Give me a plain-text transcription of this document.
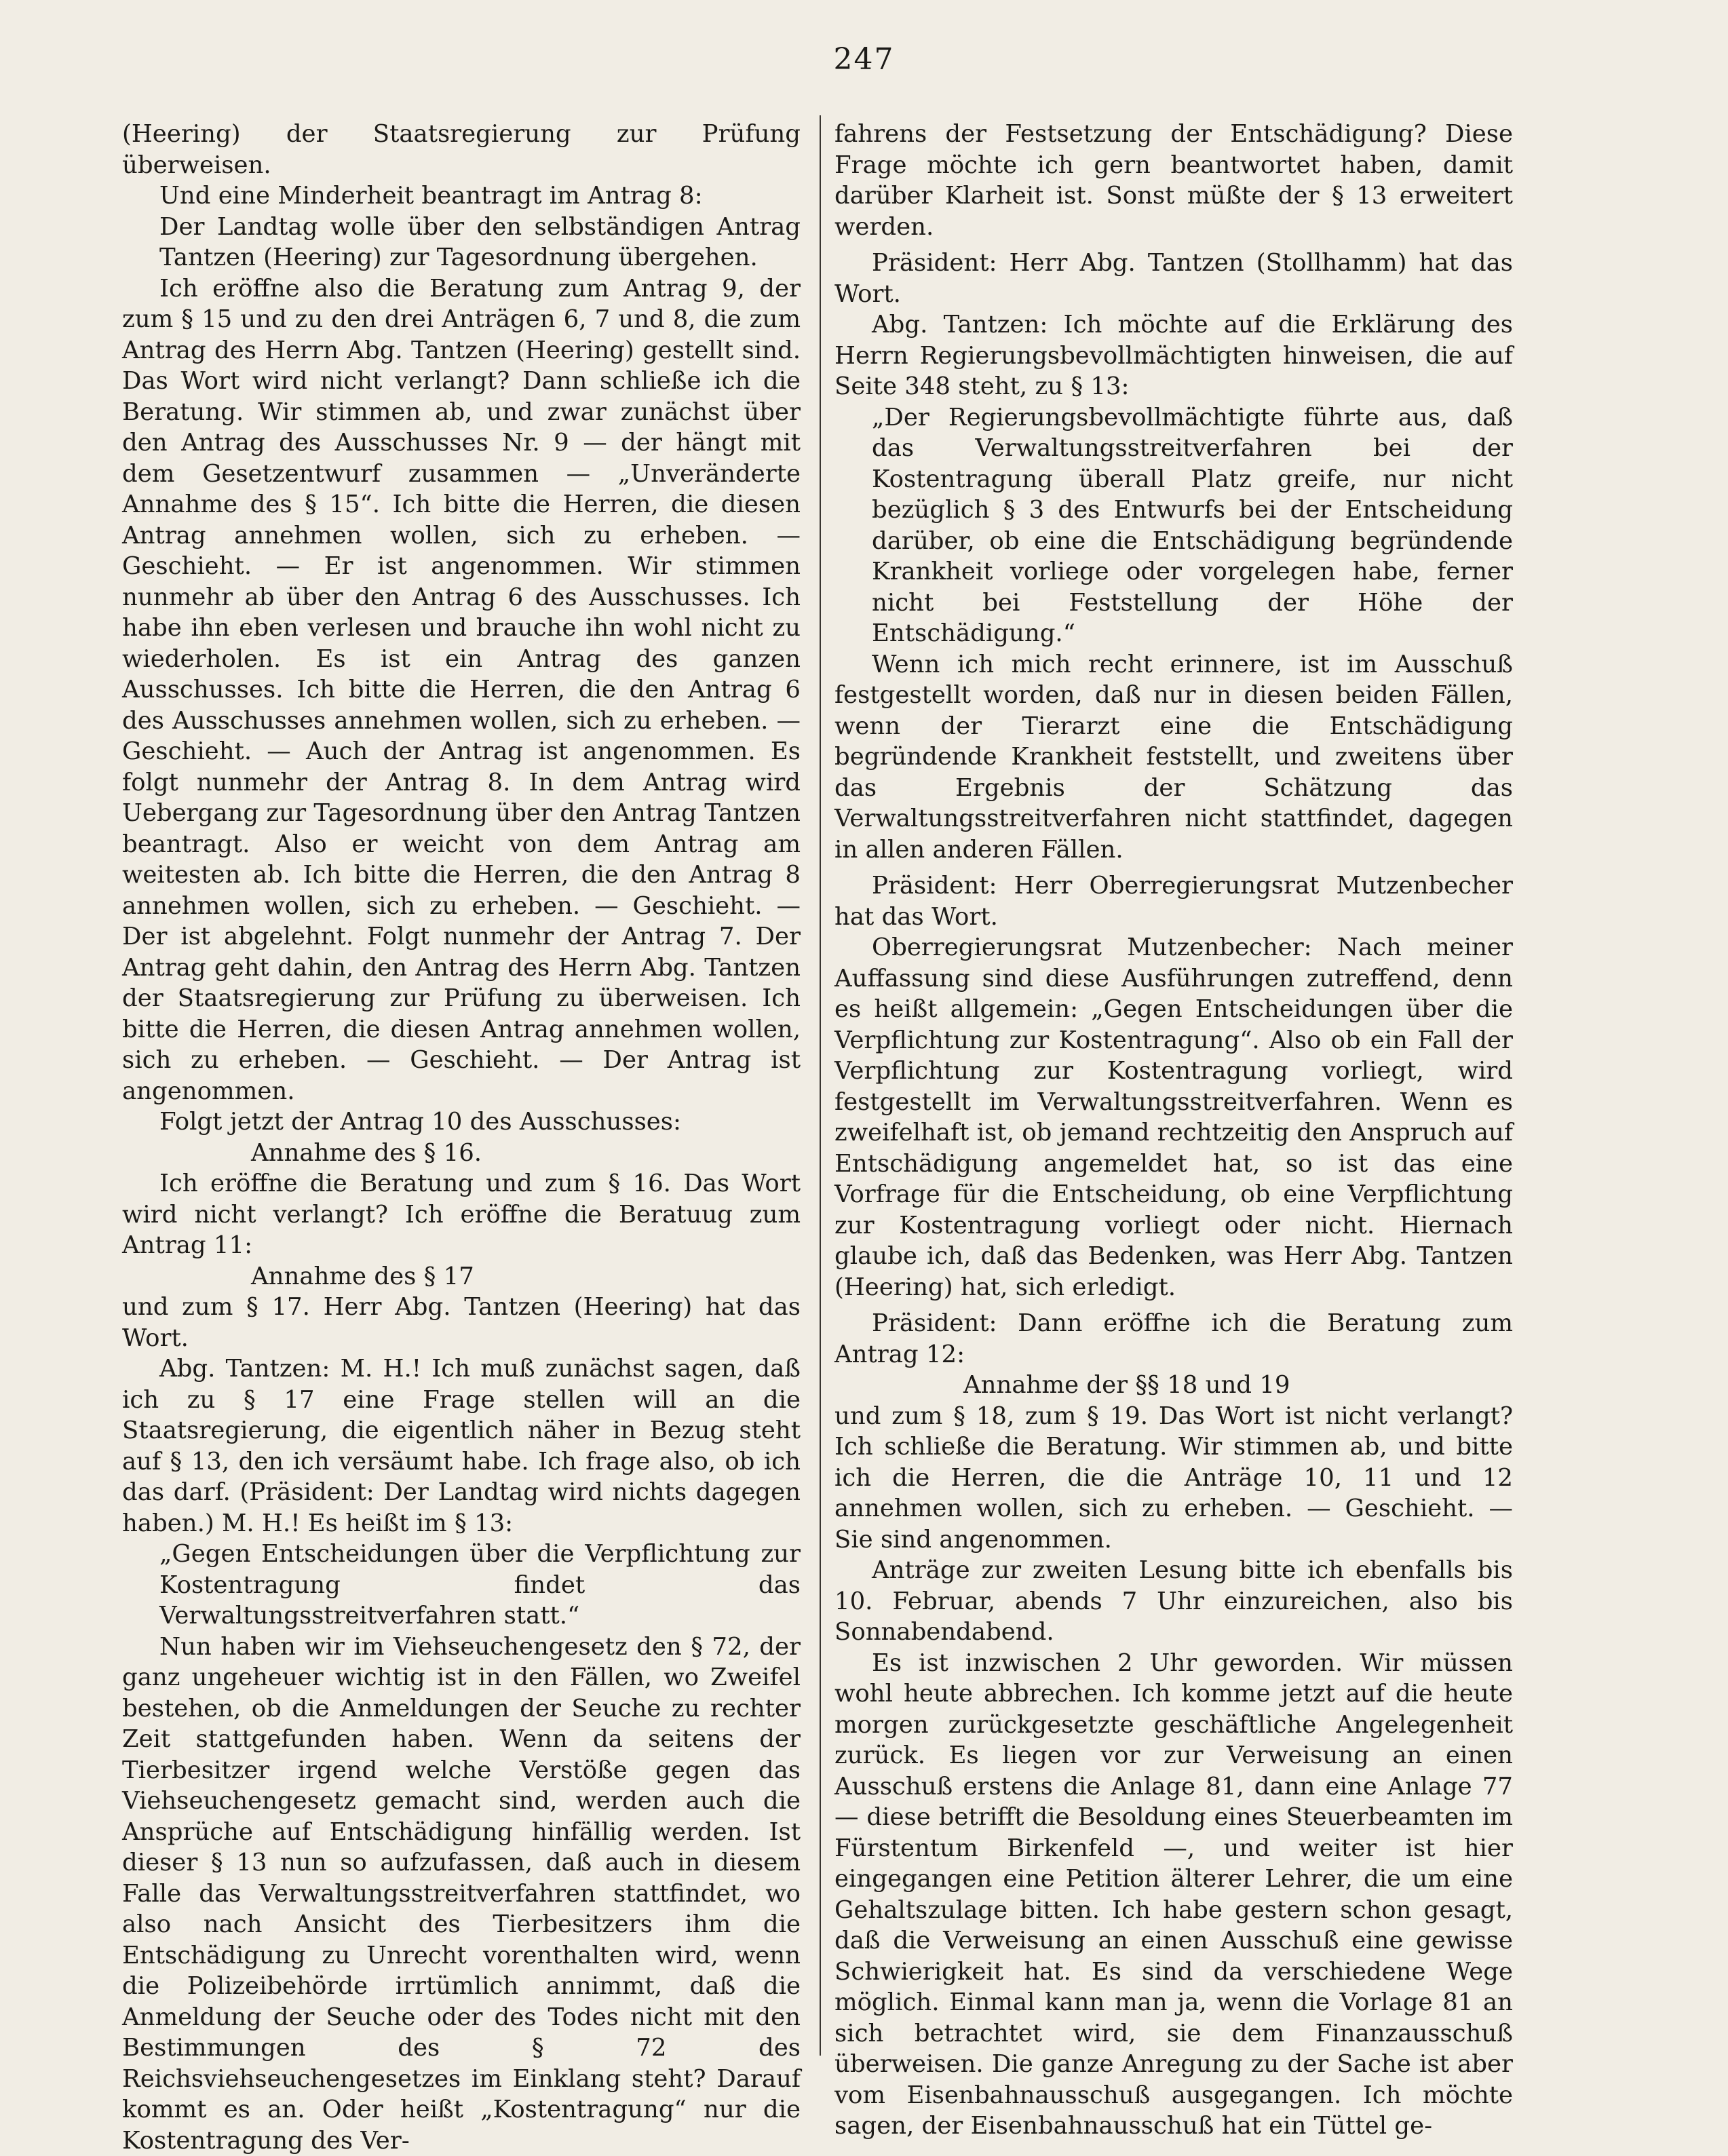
247

(Heering) der Staatsregierung zur Prüfung überweisen.

Und eine Minderheit beantragt im Antrag 8:

Der Landtag wolle über den selbständigen Antrag Tantzen (Heering) zur Tagesordnung übergehen.

Ich eröffne also die Beratung zum Antrag 9, der zum § 15 und zu den drei Anträgen 6, 7 und 8, die zum Antrag des Herrn Abg. Tantzen (Heering) gestellt sind. Das Wort wird nicht verlangt? Dann schließe ich die Beratung. Wir stimmen ab, und zwar zunächst über den Antrag des Ausschusses Nr. 9 — der hängt mit dem Gesetzentwurf zusammen — „Unveränderte Annahme des § 15“. Ich bitte die Herren, die diesen Antrag annehmen wollen, sich zu erheben. — Geschieht. — Er ist angenommen. Wir stimmen nunmehr ab über den Antrag 6 des Ausschusses. Ich habe ihn eben verlesen und brauche ihn wohl nicht zu wiederholen. Es ist ein Antrag des ganzen Ausschusses. Ich bitte die Herren, die den Antrag 6 des Ausschusses annehmen wollen, sich zu erheben. — Geschieht. — Auch der Antrag ist angenommen. Es folgt nunmehr der Antrag 8. In dem Antrag wird Uebergang zur Tagesordnung über den Antrag Tantzen beantragt. Also er weicht von dem Antrag am weitesten ab. Ich bitte die Herren, die den Antrag 8 annehmen wollen, sich zu erheben. — Geschieht. — Der ist abgelehnt. Folgt nunmehr der Antrag 7. Der Antrag geht dahin, den Antrag des Herrn Abg. Tantzen der Staatsregierung zur Prüfung zu überweisen. Ich bitte die Herren, die diesen Antrag annehmen wollen, sich zu erheben. — Geschieht. — Der Antrag ist angenommen.

Folgt jetzt der Antrag 10 des Ausschusses:

Annahme des § 16.

Ich eröffne die Beratung und zum § 16. Das Wort wird nicht verlangt? Ich eröffne die Beratuug zum Antrag 11:

Annahme des § 17

und zum § 17. Herr Abg. Tantzen (Heering) hat das Wort.

Abg. Tantzen: M. H.! Ich muß zunächst sagen, daß ich zu § 17 eine Frage stellen will an die Staatsregierung, die eigentlich näher in Bezug steht auf § 13, den ich versäumt habe. Ich frage also, ob ich das darf. (Präsident: Der Landtag wird nichts dagegen haben.) M. H.! Es heißt im § 13:

„Gegen Entscheidungen über die Verpflichtung zur Kostentragung findet das Verwaltungsstreitverfahren statt.“

Nun haben wir im Viehseuchengesetz den § 72, der ganz ungeheuer wichtig ist in den Fällen, wo Zweifel bestehen, ob die Anmeldungen der Seuche zu rechter Zeit stattgefunden haben. Wenn da seitens der Tierbesitzer irgend welche Verstöße gegen das Viehseuchengesetz gemacht sind, werden auch die Ansprüche auf Entschädigung hinfällig werden. Ist dieser § 13 nun so aufzufassen, daß auch in diesem Falle das Verwaltungsstreitverfahren stattfindet, wo also nach Ansicht des Tierbesitzers ihm die Entschädigung zu Unrecht vorenthalten wird, wenn die Polizeibehörde irrtümlich annimmt, daß die Anmeldung der Seuche oder des Todes nicht mit den Bestimmungen des § 72 des Reichsviehseuchengesetzes im Einklang steht? Darauf kommt es an. Oder heißt „Kostentragung“ nur die Kostentragung des Ver-

fahrens der Festsetzung der Entschädigung? Diese Frage möchte ich gern beantwortet haben, damit darüber Klarheit ist. Sonst müßte der § 13 erweitert werden.

Präsident: Herr Abg. Tantzen (Stollhamm) hat das Wort.

Abg. Tantzen: Ich möchte auf die Erklärung des Herrn Regierungsbevollmächtigten hinweisen, die auf Seite 348 steht, zu § 13:

„Der Regierungsbevollmächtigte führte aus, daß das Verwaltungsstreitverfahren bei der Kostentragung überall Platz greife, nur nicht bezüglich § 3 des Entwurfs bei der Entscheidung darüber, ob eine die Entschädigung begründende Krankheit vorliege oder vorgelegen habe, ferner nicht bei Feststellung der Höhe der Entschädigung.“

Wenn ich mich recht erinnere, ist im Ausschuß festgestellt worden, daß nur in diesen beiden Fällen, wenn der Tierarzt eine die Entschädigung begründende Krankheit feststellt, und zweitens über das Ergebnis der Schätzung das Verwaltungsstreitverfahren nicht stattfindet, dagegen in allen anderen Fällen.

Präsident: Herr Oberregierungsrat Mutzenbecher hat das Wort.

Oberregierungsrat Mutzenbecher: Nach meiner Auffassung sind diese Ausführungen zutreffend, denn es heißt allgemein: „Gegen Entscheidungen über die Verpflichtung zur Kostentragung“. Also ob ein Fall der Verpflichtung zur Kostentragung vorliegt, wird festgestellt im Verwaltungsstreitverfahren. Wenn es zweifelhaft ist, ob jemand rechtzeitig den Anspruch auf Entschädigung angemeldet hat, so ist das eine Vorfrage für die Entscheidung, ob eine Verpflichtung zur Kostentragung vorliegt oder nicht. Hiernach glaube ich, daß das Bedenken, was Herr Abg. Tantzen (Heering) hat, sich erledigt.

Präsident: Dann eröffne ich die Beratung zum Antrag 12:

Annahme der §§ 18 und 19

und zum § 18, zum § 19. Das Wort ist nicht verlangt? Ich schließe die Beratung. Wir stimmen ab, und bitte ich die Herren, die die Anträge 10, 11 und 12 annehmen wollen, sich zu erheben. — Geschieht. — Sie sind angenommen.

Anträge zur zweiten Lesung bitte ich ebenfalls bis 10. Februar, abends 7 Uhr einzureichen, also bis Sonnabendabend.

Es ist inzwischen 2 Uhr geworden. Wir müssen wohl heute abbrechen. Ich komme jetzt auf die heute morgen zurückgesetzte geschäftliche Angelegenheit zurück. Es liegen vor zur Verweisung an einen Ausschuß erstens die Anlage 81, dann eine Anlage 77 — diese betrifft die Besoldung eines Steuerbeamten im Fürstentum Birkenfeld —, und weiter ist hier eingegangen eine Petition älterer Lehrer, die um eine Gehaltszulage bitten. Ich habe gestern schon gesagt, daß die Verweisung an einen Ausschuß eine gewisse Schwierigkeit hat. Es sind da verschiedene Wege möglich. Einmal kann man ja, wenn die Vorlage 81 an sich betrachtet wird, sie dem Finanzausschuß überweisen. Die ganze Anregung zu der Sache ist aber vom Eisenbahnausschuß ausgegangen. Ich möchte sagen, der Eisenbahnausschuß hat ein Tüttel ge-
